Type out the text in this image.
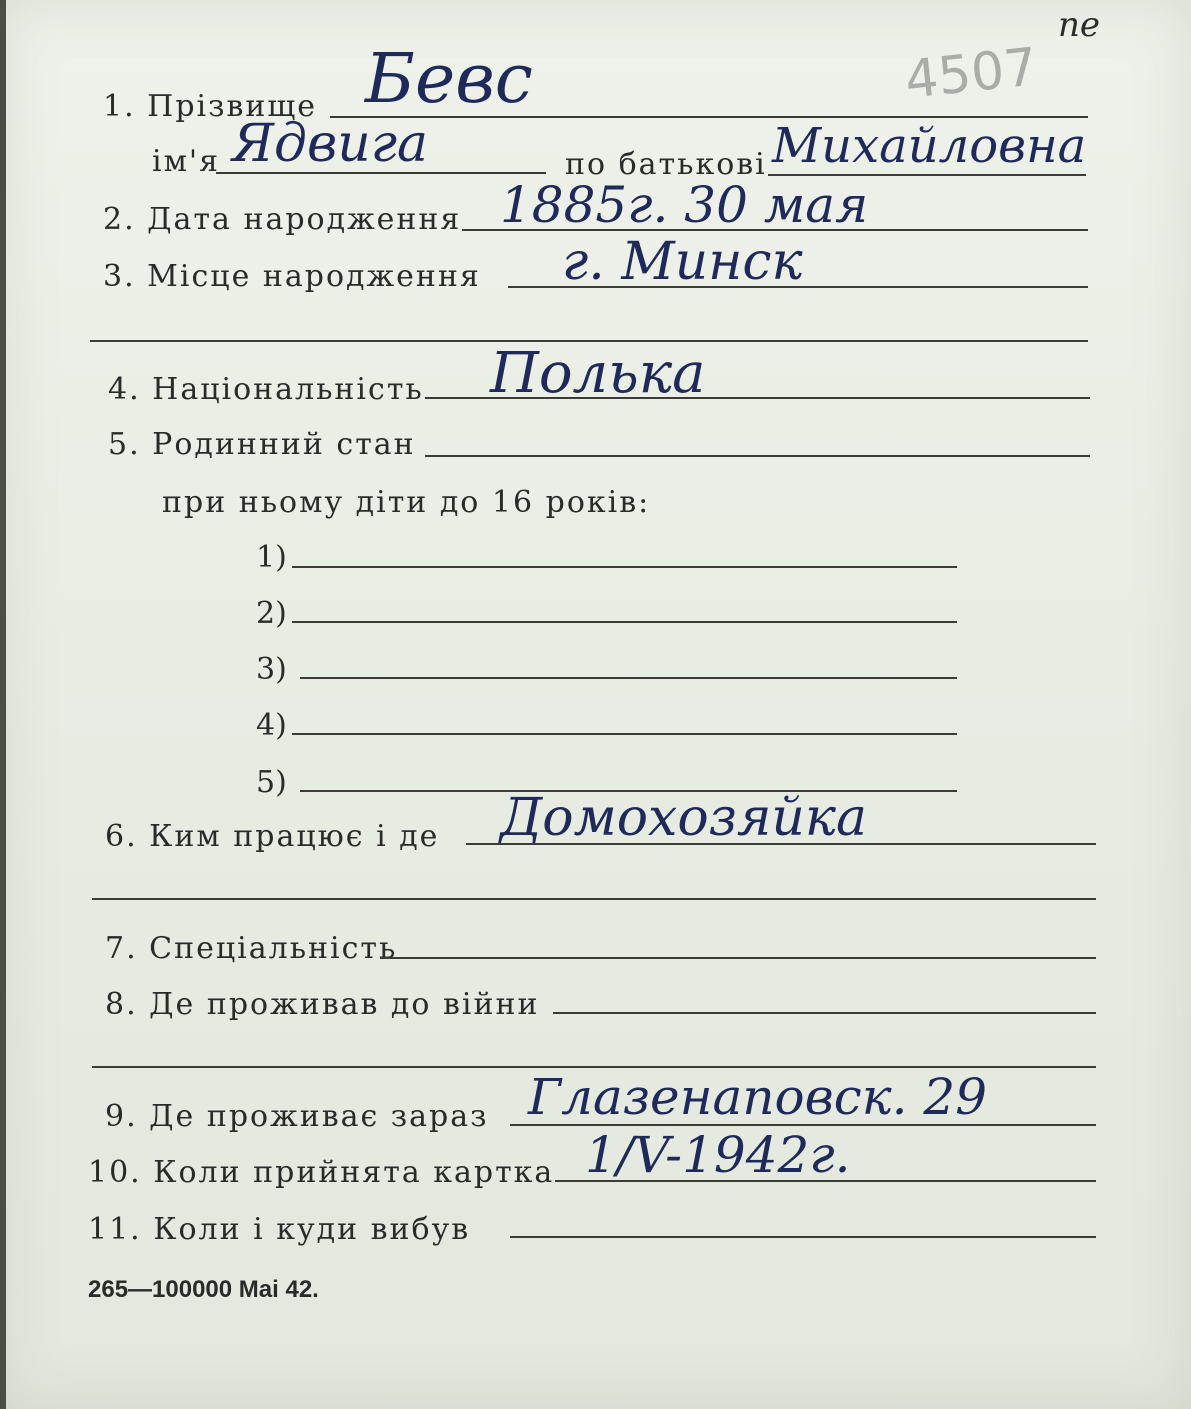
4507
пе
1. Прізвище Бевс
ім'я Ядвига	по батькові Михайловна
2. Дата народження 1885г. 30 мая
3. Місце народження г. Минск
4. Національність Полька
5. Родинний стан
при ньому діти до 16 років:
1)
2)
3)
4)
5)
6. Ким працює і де Домохозяйка
7. Спеціальність
8. Де проживав до війни
9. Де проживає зараз Глазенаповск. 29
10. Коли прийнята картка 1/V-1942г.
11. Коли і куди вибув
265—100000 Mai 42.
